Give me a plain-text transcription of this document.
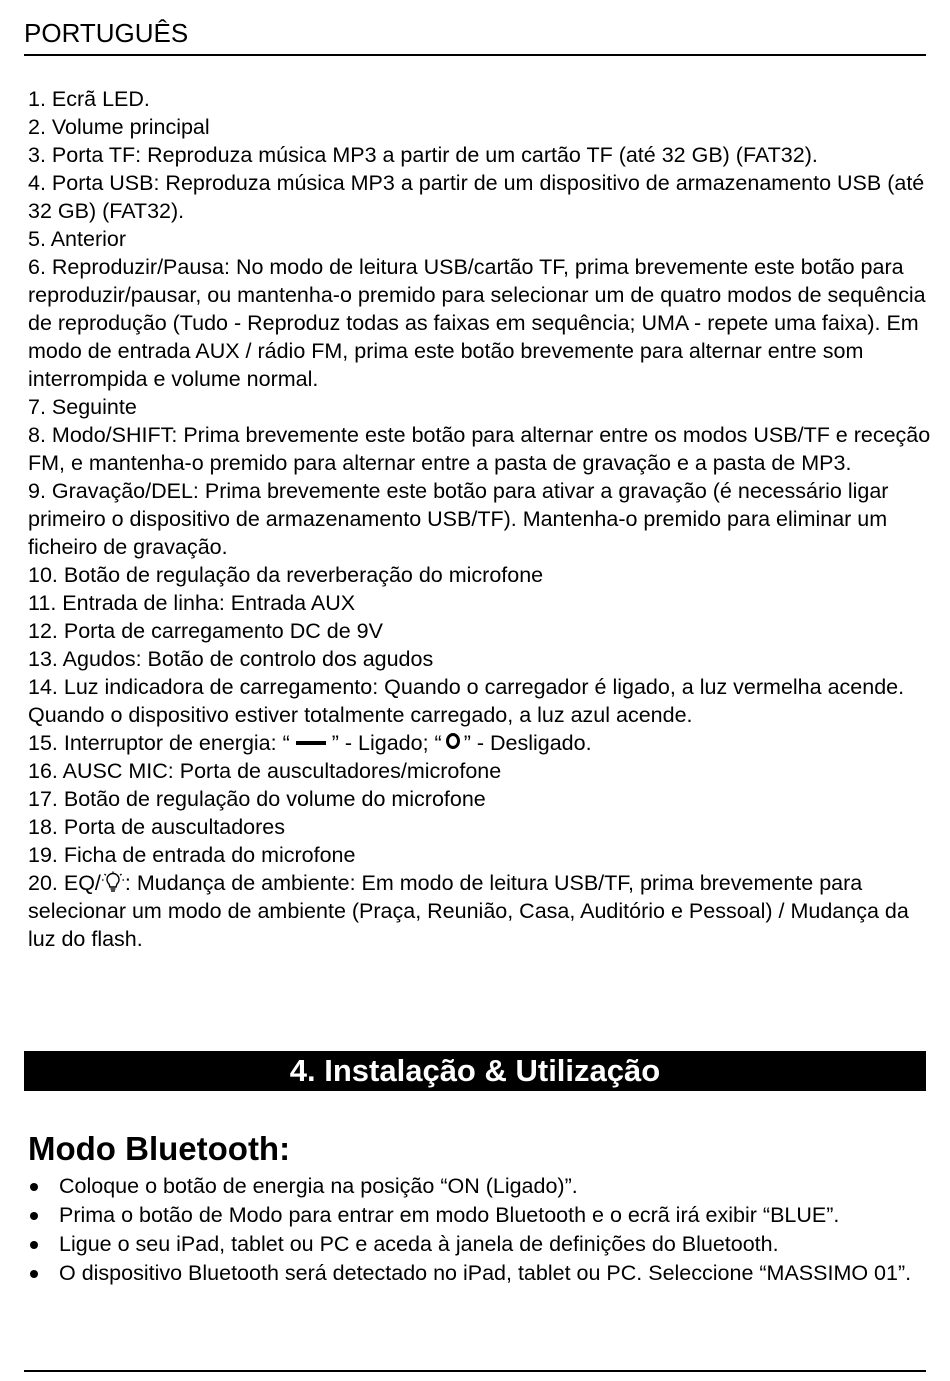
PORTUGUÊS

1. Ecrã LED.

2. Volume principal

3. Porta TF: Reproduza música MP3 a partir de um cartão TF (até 32 GB) (FAT32).

4. Porta USB: Reproduza música MP3 a partir de um dispositivo de armazenamento USB (até 32 GB) (FAT32).

5. Anterior

6. Reproduzir/Pausa: No modo de leitura USB/cartão TF, prima brevemente este botão para reproduzir/pausar, ou mantenha-o premido para selecionar um de quatro modos de sequência de reprodução (Tudo - Reproduz todas as faixas em sequência; UMA - repete uma faixa). Em modo de entrada AUX / rádio FM, prima este botão brevemente para alternar entre som interrompida e volume normal.

7. Seguinte

8. Modo/SHIFT: Prima brevemente este botão para alternar entre os modos USB/TF e receção FM, e mantenha-o premido para alternar entre a pasta de gravação e a pasta de MP3.

9. Gravação/DEL: Prima brevemente este botão para ativar a gravação (é necessário ligar primeiro o dispositivo de armazenamento USB/TF). Mantenha-o premido para eliminar um ficheiro de gravação.

10. Botão de regulação da reverberação do microfone

11. Entrada de linha: Entrada AUX

12. Porta de carregamento DC de 9V

13. Agudos: Botão de controlo dos agudos

14. Luz indicadora de carregamento: Quando o carregador é ligado, a luz vermelha acende. Quando o dispositivo estiver totalmente carregado, a luz azul acende.

15. Interruptor de energia: “ ” - Ligado; “ ” - Desligado.

16. AUSC MIC: Porta de auscultadores/microfone

17. Botão de regulação do volume do microfone

18. Porta de auscultadores

19. Ficha de entrada do microfone

20. EQ/ : Mudança de ambiente: Em modo de leitura USB/TF, prima brevemente para selecionar um modo de ambiente (Praça, Reunião, Casa, Auditório e Pessoal) / Mudança da luz do flash.

4. Instalação & Utilização
Modo Bluetooth:
Coloque o botão de energia na posição “ON (Ligado)”.
Prima o botão de Modo para entrar em modo Bluetooth e o ecrã irá exibir “BLUE”.
Ligue o seu iPad, tablet ou PC e aceda à janela de definições do Bluetooth.
O dispositivo Bluetooth será detectado no iPad, tablet ou PC. Seleccione “MASSIMO 01”.
